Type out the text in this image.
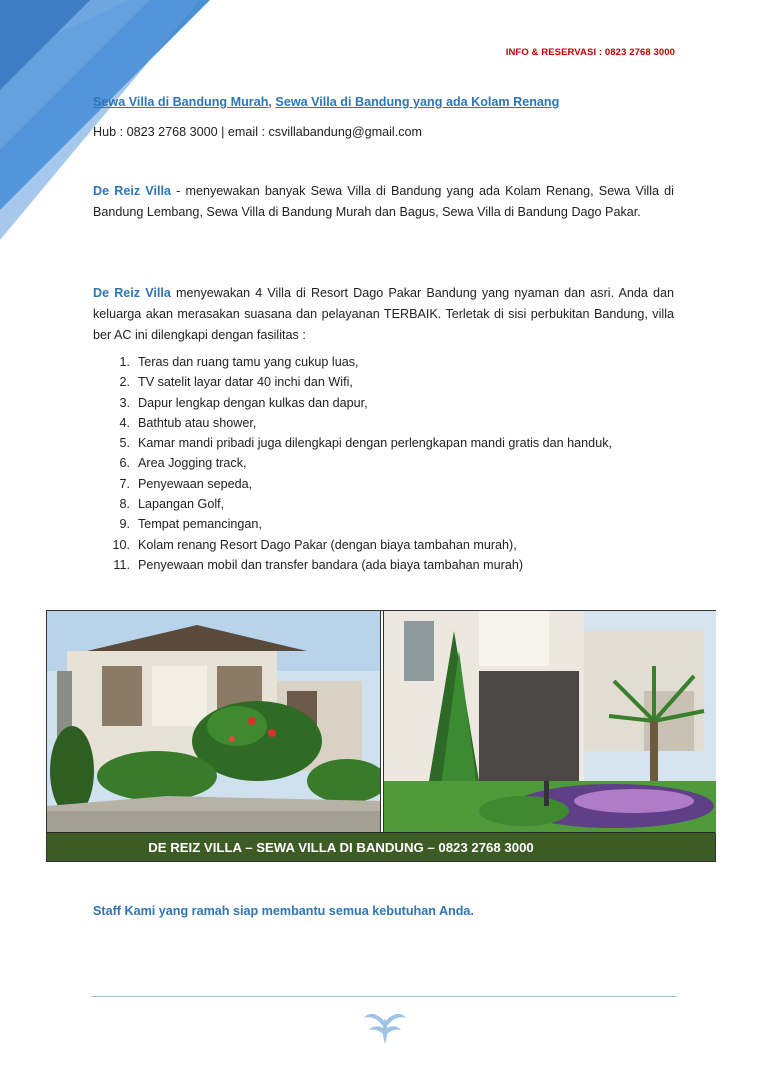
INFO & RESERVASI : 0823 2768 3000
Sewa Villa di Bandung Murah, Sewa Villa di Bandung yang ada Kolam Renang
Hub : 0823 2768 3000 | email : csvillabandung@gmail.com
De Reiz Villa - menyewakan banyak Sewa Villa di Bandung yang ada Kolam Renang, Sewa Villa di Bandung Lembang, Sewa Villa di Bandung Murah dan Bagus, Sewa Villa di Bandung Dago Pakar.
De Reiz Villa menyewakan 4 Villa di Resort Dago Pakar Bandung yang nyaman dan asri. Anda dan keluarga akan merasakan suasana dan pelayanan TERBAIK. Terletak di sisi perbukitan Bandung, villa ber AC ini dilengkapi dengan fasilitas :
1. Teras dan ruang tamu yang cukup luas,
2. TV satelit layar datar 40 inchi dan Wifi,
3. Dapur lengkap dengan kulkas dan dapur,
4. Bathtub atau shower,
5. Kamar mandi pribadi juga dilengkapi dengan perlengkapan mandi gratis dan handuk,
6. Area Jogging track,
7. Penyewaan sepeda,
8. Lapangan Golf,
9. Tempat pemancingan,
10. Kolam renang Resort Dago Pakar (dengan biaya tambahan murah),
11. Penyewaan mobil dan transfer bandara (ada biaya tambahan murah)
DE REIZ VILLA – SEWA VILLA DI BANDUNG – 0823 2768 3000
Staff Kami yang ramah siap membantu semua kebutuhan Anda.
